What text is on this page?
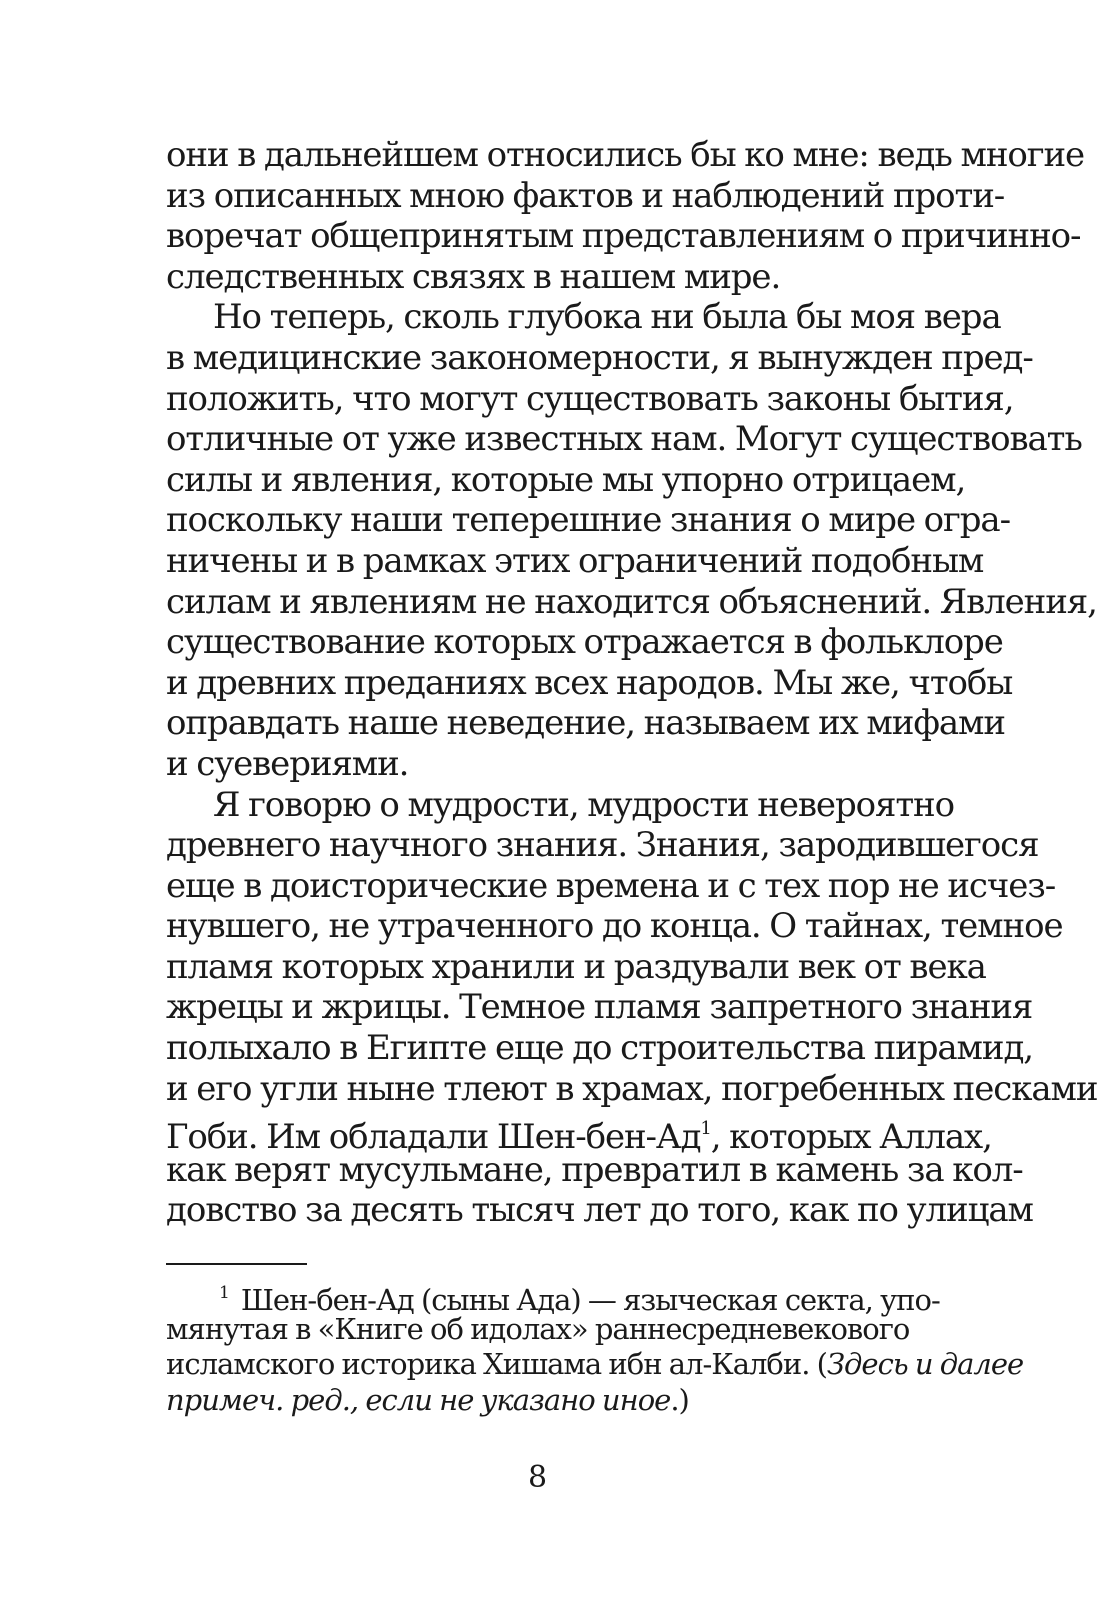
они в дальнейшем относились бы ко мне: ведь многие
из описанных мною фактов и наблюдений проти-
воречат общепринятым представлениям о причинно-
следственных связях в нашем мире.
Но теперь, сколь глубока ни была бы моя вера
в медицинские закономерности, я вынужден пред-
положить, что могут существовать законы бытия,
отличные от уже известных нам. Могут существовать
силы и явления, которые мы упорно отрицаем,
поскольку наши теперешние знания о мире огра-
ничены и в рамках этих ограничений подобным
силам и явлениям не находится объяснений. Явления,
существование которых отражается в фольклоре
и древних преданиях всех народов. Мы же, чтобы
оправдать наше неведение, называем их мифами
и суевериями.
Я говорю о мудрости, мудрости невероятно
древнего научного знания. Знания, зародившегося
еще в доисторические времена и с тех пор не исчез-
нувшего, не утраченного до конца. О тайнах, темное
пламя которых хранили и раздували век от века
жрецы и жрицы. Темное пламя запретного знания
полыхало в Египте еще до строительства пирамид,
и его угли ныне тлеют в храмах, погребенных песками
Гоби. Им обладали Шен-$бен-Ад^1$, которых Аллах,
как верят мусульмане, превратил в камень за кол-
довство за десять тысяч лет до того, как по улицам
$^1$ Шен-бен-Ад (сыны Ада) — языческая секта, упо-
мянутая в «Книге об идолах» раннесредневекового
исламского историка Хишама ибн ал-Калби. (Здесь и далее
примеч. ред., если не указано иное.)
8
